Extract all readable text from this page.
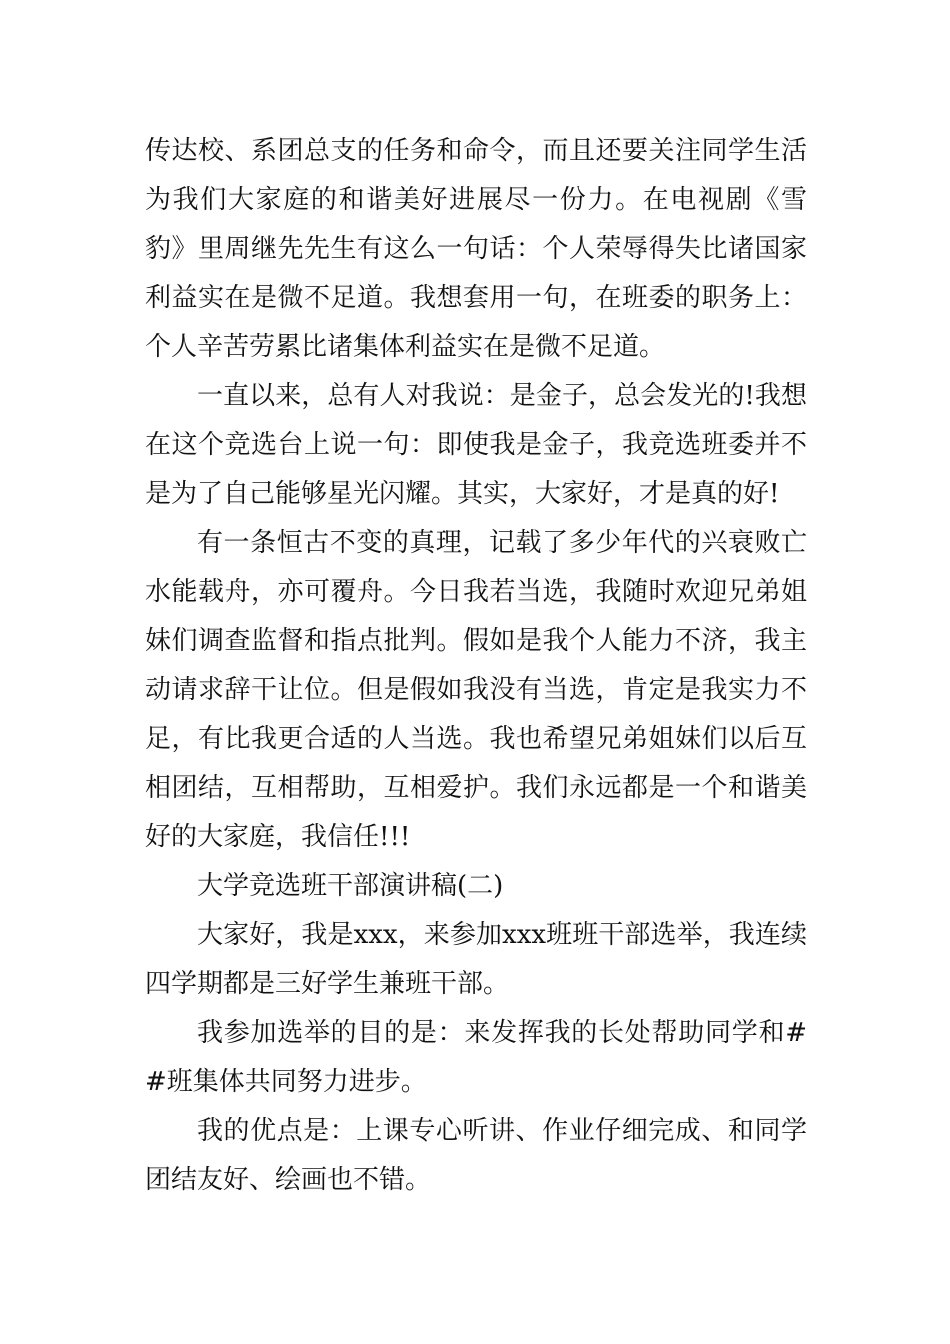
传达校、系团总支的任务和命令，而且还要关注同学生活为我们大家庭的和谐美好进展尽一份力。在电视剧《雪豹》里周继先先生有这么一句话：个人荣辱得失比诸国家利益实在是微不足道。我想套用一句，在班委的职务上：个人辛苦劳累比诸集体利益实在是微不足道。

一直以来，总有人对我说：是金子，总会发光的!我想在这个竞选台上说一句：即使我是金子，我竞选班委并不是为了自己能够星光闪耀。其实，大家好，才是真的好!

有一条恒古不变的真理，记载了多少年代的兴衰败亡水能载舟，亦可覆舟。今日我若当选，我随时欢迎兄弟姐妹们调查监督和指点批判。假如是我个人能力不济，我主动请求辞干让位。但是假如我没有当选，肯定是我实力不足，有比我更合适的人当选。我也希望兄弟姐妹们以后互相团结，互相帮助，互相爱护。我们永远都是一个和谐美好的大家庭，我信任!!!

大学竞选班干部演讲稿(二)

大家好，我是xxx，来参加xxx班班干部选举，我连续四学期都是三好学生兼班干部。

我参加选举的目的是：来发挥我的长处帮助同学和##班集体共同努力进步。

我的优点是：上课专心听讲、作业仔细完成、和同学团结友好、绘画也不错。
